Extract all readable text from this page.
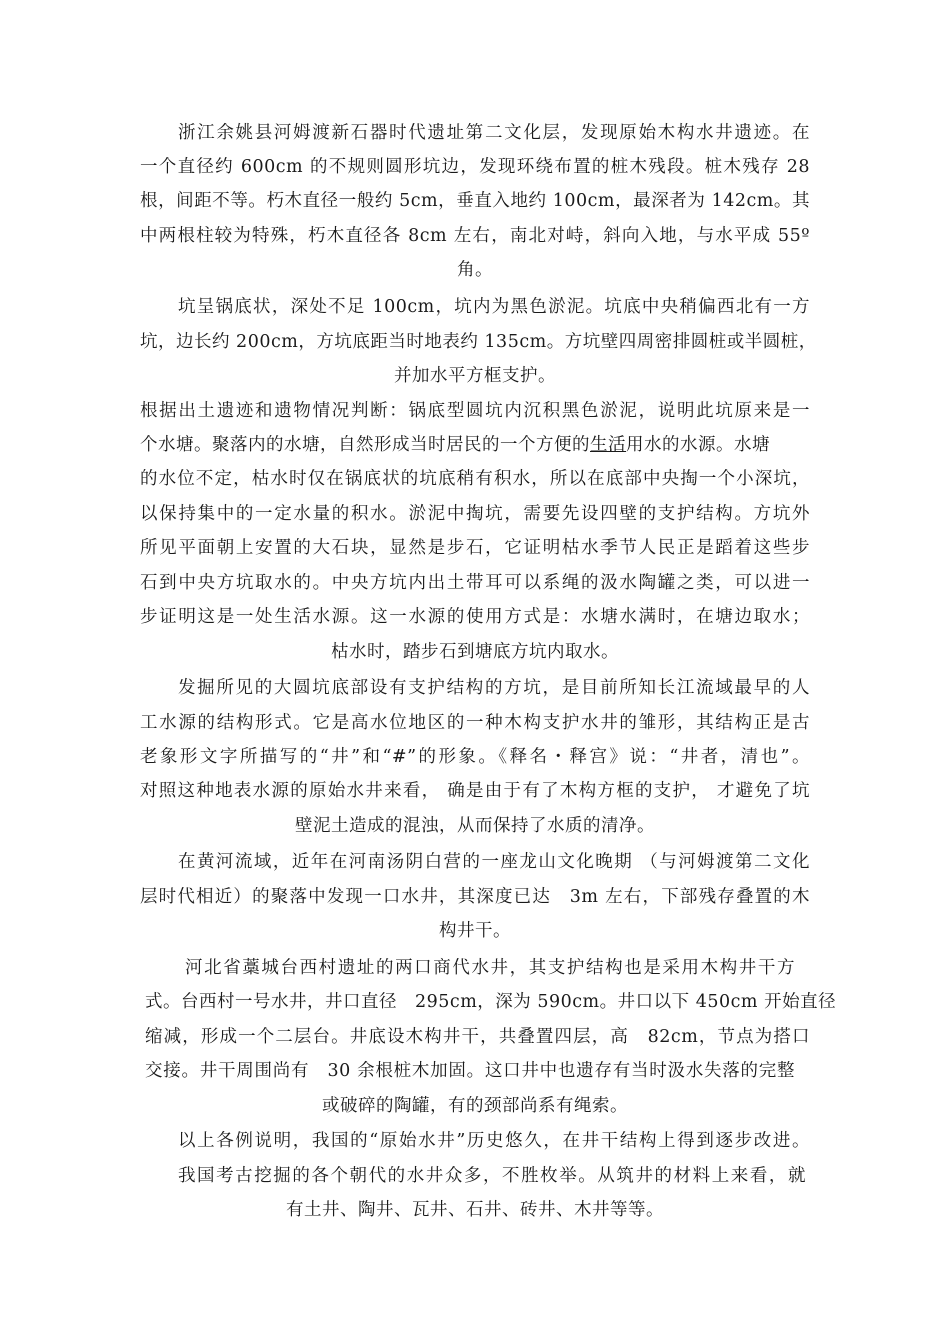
浙江余姚县河姆渡新石器时代遗址第二文化层，发现原始木构水井遗迹。在
一个直径约 600cm 的不规则圆形坑边，发现环绕布置的桩木残段。桩木残存 28
根，间距不等。朽木直径一般约 5cm，垂直入地约 100cm，最深者为 142cm。其
中两根柱较为特殊，朽木直径各 8cm 左右，南北对峙，斜向入地，与水平成 55º
角。
坑呈锅底状，深处不足 100cm，坑内为黑色淤泥。坑底中央稍偏西北有一方
坑，边长约 200cm，方坑底距当时地表约 135cm。方坑壁四周密排圆桩或半圆桩，
并加水平方框支护。
根据出土遗迹和遗物情况判断：锅底型圆坑内沉积黑色淤泥，说明此坑原来是一
个水塘。聚落内的水塘，自然形成当时居民的一个方便的生活用水的水源。水塘
的水位不定，枯水时仅在锅底状的坑底稍有积水，所以在底部中央掏一个小深坑，
以保持集中的一定水量的积水。淤泥中掏坑，需要先设四壁的支护结构。方坑外
所见平面朝上安置的大石块，显然是步石，它证明枯水季节人民正是蹈着这些步
石到中央方坑取水的。中央方坑内出土带耳可以系绳的汲水陶罐之类，可以进一
步证明这是一处生活水源。这一水源的使用方式是：水塘水满时，在塘边取水；
枯水时，踏步石到塘底方坑内取水。
发掘所见的大圆坑底部设有支护结构的方坑，是目前所知长江流域最早的人
工水源的结构形式。它是高水位地区的一种木构支护水井的雏形，其结构正是古
老象形文字所描写的“井”和“#”的形象。《释名・释宫》说：“井者，清也”。
对照这种地表水源的原始水井来看， 确是由于有了木构方框的支护， 才避免了坑
壁泥土造成的混浊，从而保持了水质的清净。
在黄河流域，近年在河南汤阴白营的一座龙山文化晚期 （与河姆渡第二文化
层时代相近）的聚落中发现一口水井，其深度已达　3m 左右，下部残存叠置的木
构井干。
河北省藁城台西村遗址的两口商代水井，其支护结构也是采用木构井干方
式。台西村一号水井，井口直径　295cm，深为 590cm。井口以下 450cm 开始直径
缩减，形成一个二层台。井底设木构井干，共叠置四层，高　82cm，节点为搭口
交接。井干周围尚有　30 余根桩木加固。这口井中也遗存有当时汲水失落的完整
或破碎的陶罐，有的颈部尚系有绳索。
以上各例说明，我国的“原始水井”历史悠久，在井干结构上得到逐步改进。
我国考古挖掘的各个朝代的水井众多，不胜枚举。从筑井的材料上来看，就
有土井、陶井、瓦井、石井、砖井、木井等等。
